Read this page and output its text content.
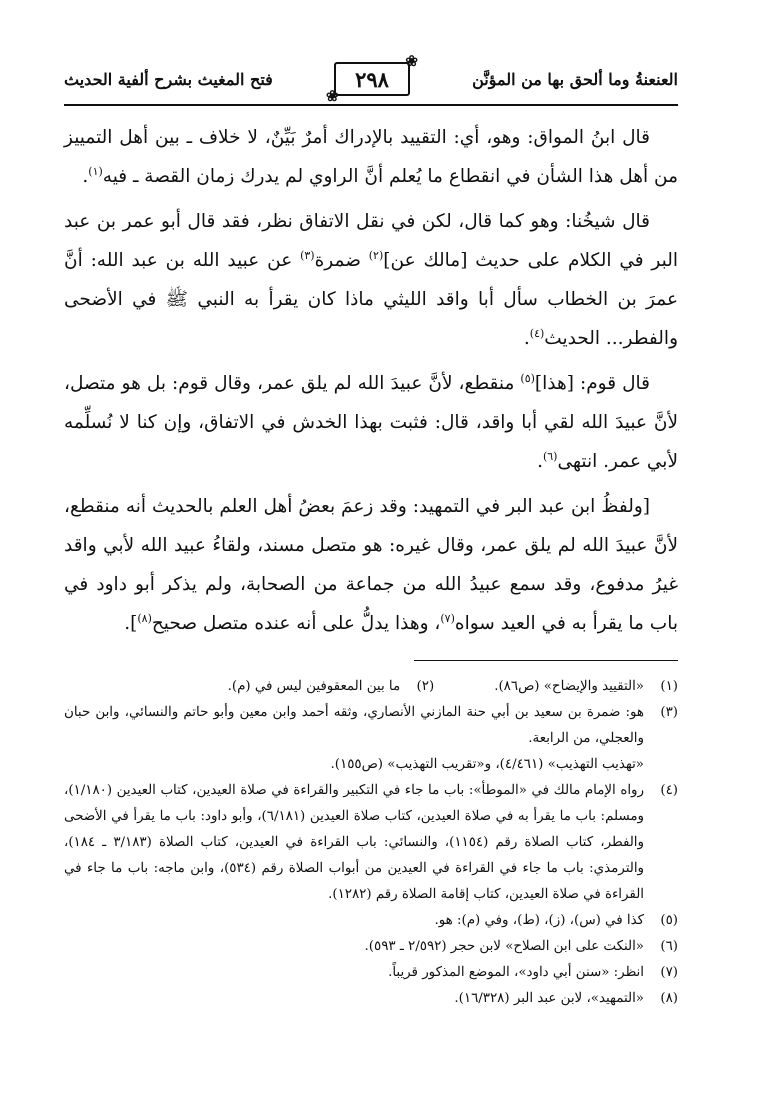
العنعنةُ وما ألحق بها من المؤنَّن
فتح المغيث بشرح ألفية الحديث
❀
٢٩٨
❀

قال ابنُ المواق: وهو، أي: التقييد بالإدراك أمرٌ بَيِّنٌ، لا خلاف ـ بين أهل التمييز من أهل هذا الشأن في انقطاع ما يُعلم أنَّ الراوي لم يدرك زمان القصة ـ فيه$^{(١)}$.

قال شيخُنا: وهو كما قال، لكن في نقل الاتفاق نظر، فقد قال أبو عمر بن عبد البر في الكلام على حديث [مالك عن]$^{(٢)}$ ضمرة$^{(٣)}$ عن عبيد الله بن عبد الله: أنَّ عمرَ بن الخطاب سأل أبا واقد الليثي ماذا كان يقرأ به النبي ﷺ في الأضحى والفطر... الحديث$^{(٤)}$.

قال قوم: [هذا]$^{(٥)}$ منقطع، لأنَّ عبيدَ الله لم يلق عمر، وقال قوم: بل هو متصل، لأنَّ عبيدَ الله لقي أبا واقد، قال: فثبت بهذا الخدش في الاتفاق، وإن كنا لا نُسلِّمه لأبي عمر. انتهى$^{(٦)}$.

[ولفظُ ابن عبد البر في التمهيد: وقد زعمَ بعضُ أهل العلم بالحديث أنه منقطع، لأنَّ عبيدَ الله لم يلق عمر، وقال غيره: هو متصل مسند، ولقاءُ عبيد الله لأبي واقد غيرُ مدفوع، وقد سمع عبيدُ الله من جماعة من الصحابة، ولم يذكر أبو داود في باب ما يقرأ به في العيد سواه$^{(٧)}$، وهذا يدلُّ على أنه عنده متصل صحيح$^{(٨)}$].

(١)
«التقييد والإيضاح» (ص٨٦).
(٢)
ما بين المعقوفين ليس في (م).
(٣)
هو: ضمرة بن سعيد بن أبي حنة المازني الأنصاري، وثقه أحمد وابن معين وأبو حاتم والنسائي، وابن حبان والعجلي، من الرابعة.
«تهذيب التهذيب» (٤/٤٦١)، و«تقريب التهذيب» (ص١٥٥).
(٤)
رواه الإمام مالك في «الموطأ»: باب ما جاء في التكبير والقراءة في صلاة العيدين، كتاب العيدين (١/١٨٠)، ومسلم: باب ما يقرأ به في صلاة العيدين، كتاب صلاة العيدين (٦/١٨١)، وأبو داود: باب ما يقرأ في الأضحى والفطر، كتاب الصلاة رقم (١١٥٤)، والنسائي: باب القراءة في العيدين، كتاب الصلاة (٣/١٨٣ ـ ١٨٤)، والترمذي: باب ما جاء في القراءة في العيدين من أبواب الصلاة رقم (٥٣٤)، وابن ماجه: باب ما جاء في القراءة في صلاة العيدين، كتاب إقامة الصلاة رقم (١٢٨٢).
(٥)
كذا في (س)، (ز)، (ط)، وفي (م): هو.
(٦)
«النكت على ابن الصلاح» لابن حجر (٢/٥٩٢ ـ ٥٩٣).
(٧)
انظر: «سنن أبي داود»، الموضع المذكور قريباً.
(٨)
«التمهيد»، لابن عبد البر (١٦/٣٢٨).
